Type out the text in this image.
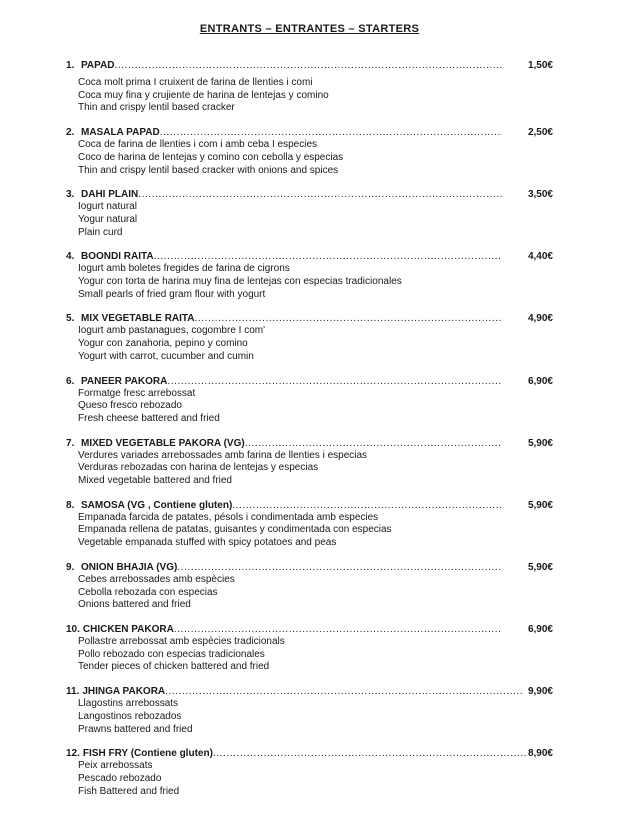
ENTRANTS – ENTRANTES – STARTERS
1. PAPAD .....	1,50€
Coca molt prima I cruixent de farina de llenties i comi
Coca muy fina y crujiente de harina de lentejas y comino
Thin and crispy lentil based cracker
2. MASALA PAPAD .....	2,50€
Coca de farina de llenties i com i amb ceba I especies
Coco de harina de lentejas y comino con cebolla y especias
Thin and crispy lentil based cracker with onions and spices
3. DAHI PLAIN .....	3,50€
Iogurt natural
Yogur natural
Plain curd
4. BOONDI RAITA .....	4,40€
Iogurt amb boletes fregides de farina de cigrons
Yogur con torta de harina muy fina de lentejas con especias tradicionales
Small pearls of fried gram flour with yogurt
5. MIX VEGETABLE RAITA .....	4,90€
Iogurt amb pastanagues, cogombre I com'
Yogur con zanahoria, pepino y comino
Yogurt with carrot, cucumber and cumin
6. PANEER PAKORA .....	6,90€
Formatge fresc arrebossat
Queso fresco rebozado
Fresh cheese battered and fried
7. MIXED VEGETABLE PAKORA (VG) .....	5,90€
Verdures variades arrebossades amb farina de llenties i especias
Verduras rebozadas con harina de lentejas y especias
Mixed vegetable battered and fried
8. SAMOSA (VG , Contiene gluten) .....	5,90€
Empanada farcida de patates, pésols i condimentada amb especies
Empanada rellena de patatas, guisantes y condimentada con especias
Vegetable empanada stuffed with spicy potatoes and peas
9. ONION BHAJIA (VG) .....	5,90€
Cebes arrebossades amb espècies
Cebolla rebozada con especias
Onions battered and fried
10. CHICKEN PAKORA .....	6,90€
Pollastre arrebossat amb espècies tradicionals
Pollo rebozado con especias tradicionales
Tender pieces of chicken battered and fried
11. JHINGA PAKORA .....	9,90€
Llagostins arrebossats
Langostinos rebozados
Prawns battered and fried
12. FISH FRY (Contiene gluten) .....	8,90€
Peix arrebossats
Pescado rebozado
Fish Battered and fried
